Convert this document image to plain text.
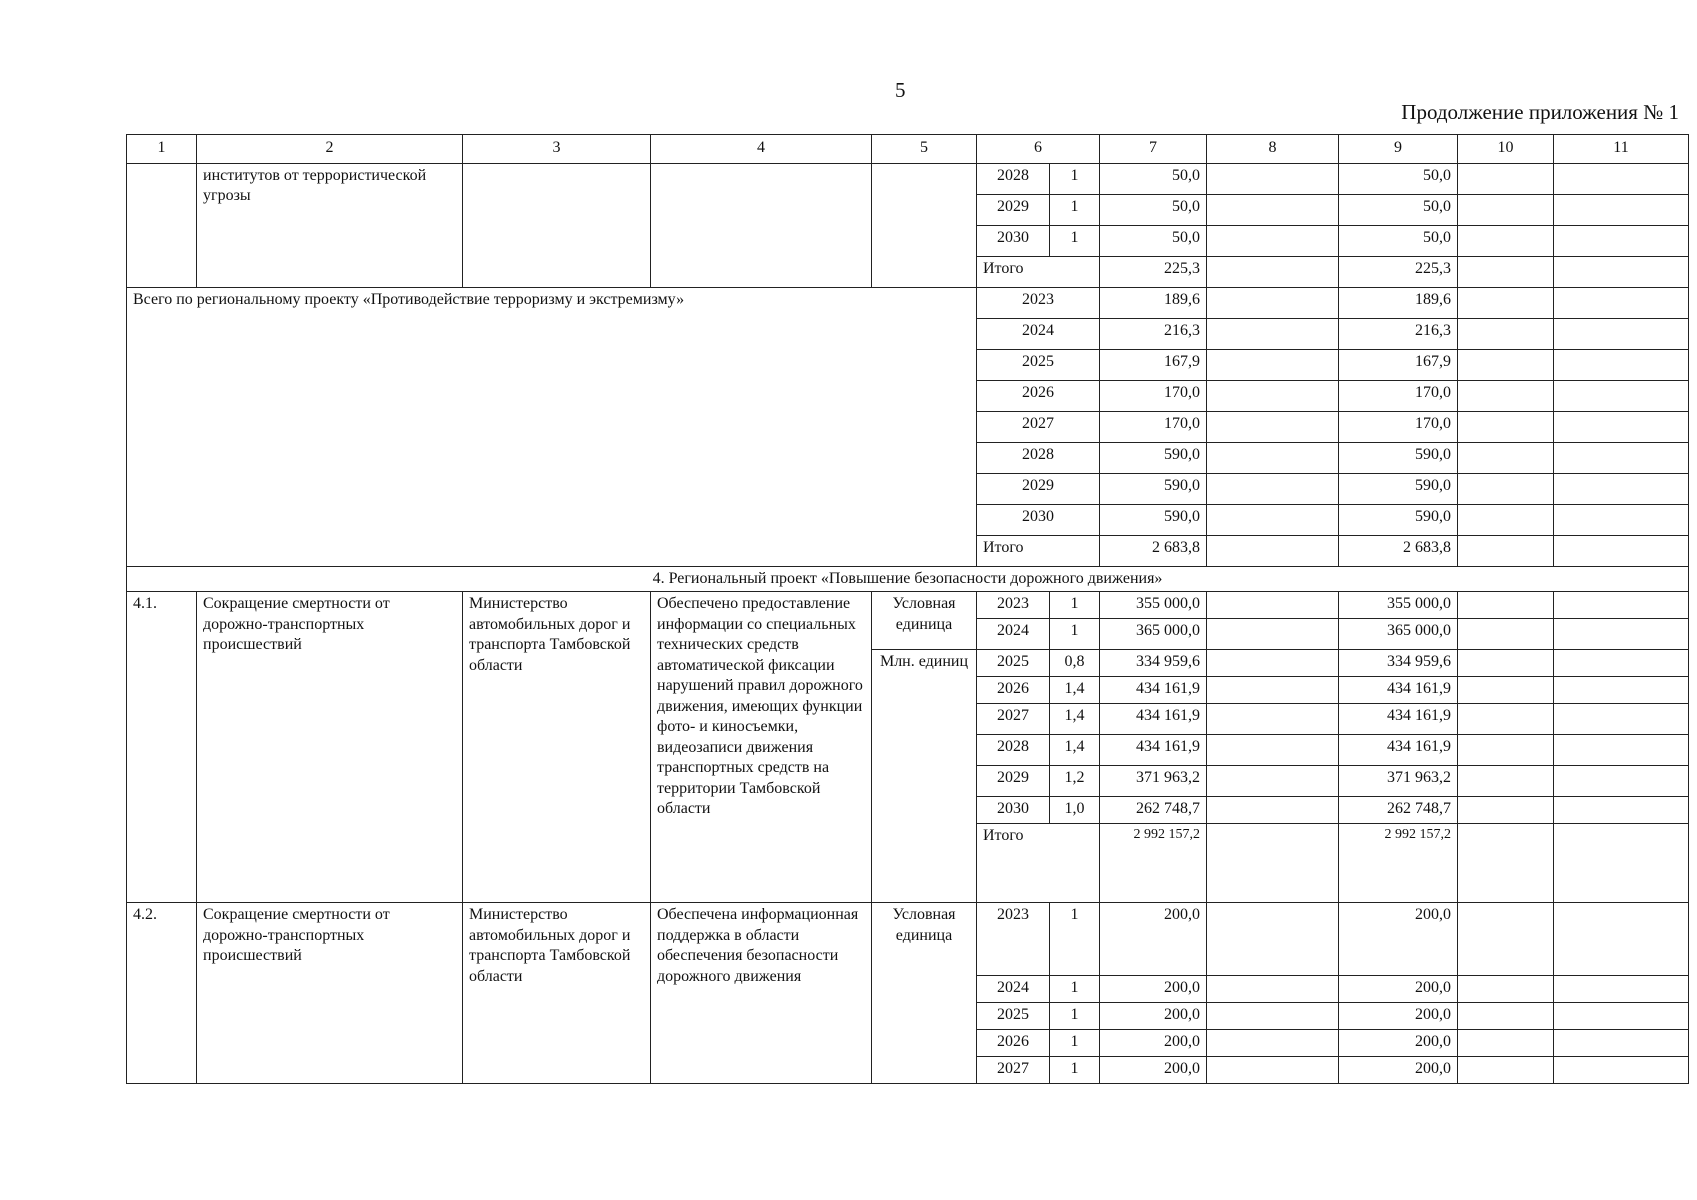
5
Продолжение приложения № 1
1	2	3	4	5	6		7	8	9	10	11
	институтов от террористической угрозы				2028	1	50,0		50,0		
					2029	1	50,0		50,0		
					2030	1	50,0		50,0		
					Итого		225,3		225,3		
Всего по региональному проекту «Противодействие терроризму и экстремизму»					2023		189,6		189,6		
					2024		216,3		216,3		
					2025		167,9		167,9		
					2026		170,0		170,0		
					2027		170,0		170,0		
					2028		590,0		590,0		
					2029		590,0		590,0		
					2030		590,0		590,0		
					Итого		2 683,8		2 683,8		
4. Региональный проект «Повышение безопасности дорожного движения»											
4.1.	Сокращение смертности от дорожно-транспортных происшествий	Министерство автомобильных дорог и транспорта Тамбовской области	Обеспечено предоставление информации со специальных технических средств автоматической фиксации нарушений правил дорожного движения, имеющих функции фото- и киносъемки, видеозаписи движения транспортных средств на территории Тамбовской области	Условная единица	2023	1	355 000,0		355 000,0		
					2024	1	365 000,0		365 000,0		
				Млн. единиц	2025	0,8	334 959,6		334 959,6		
					2026	1,4	434 161,9		434 161,9		
					2027	1,4	434 161,9		434 161,9		
					2028	1,4	434 161,9		434 161,9		
					2029	1,2	371 963,2		371 963,2		
					2030	1,0	262 748,7		262 748,7		
					Итого		2 992 157,2		2 992 157,2		
4.2.	Сокращение смертности от дорожно-транспортных происшествий	Министерство автомобильных дорог и транспорта Тамбовской области	Обеспечена информационная поддержка в области обеспечения безопасности дорожного движения	Условная единица	2023	1	200,0		200,0		
					2024	1	200,0		200,0		
					2025	1	200,0		200,0		
					2026	1	200,0		200,0		
					2027	1	200,0		200,0		
